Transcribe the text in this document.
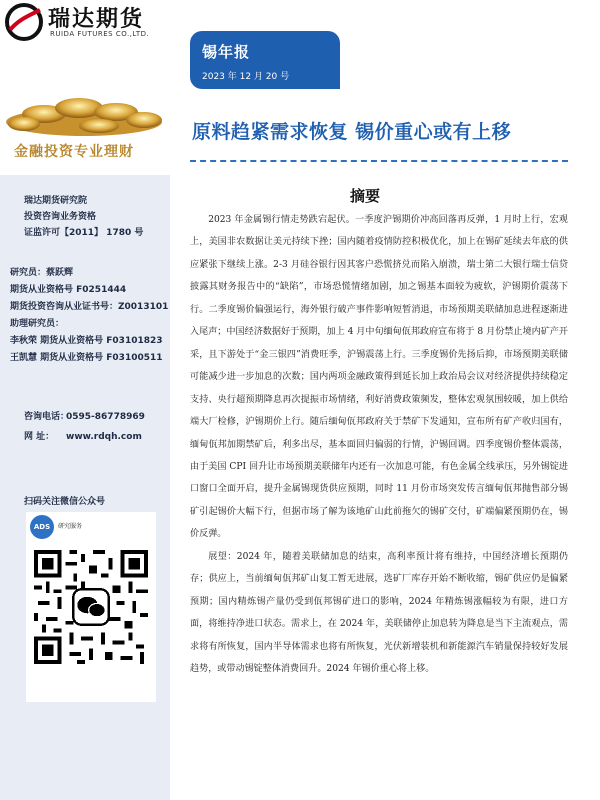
瑞达期货
RUIDA FUTURES CO.,LTD.
金融投资专业理财
锡年报
2023 年 12 月 20 号
原料趋紧需求恢复 锡价重心或有上移
瑞达期货研究院
投资咨询业务资格
证监许可【2011】 1780 号
研究员：蔡跃辉
期货从业资格号 F0251444
期货投资咨询从业证书号：Z0013101
助理研究员：
李秋荣 期货从业资格号 F03101823
王凯慧 期货从业资格号 F03100511
咨询电话：0595-86778969
网 址： www.rdqh.com
扫码关注微信公众号
ADS	研究服务
摘要

2023 年金属锡行情走势跌宕起伏。一季度沪锡期价冲高回落再反弹，1 月时上行，宏观上，美国非农数据让美元持续下挫；国内随着疫情防控积极优化，加上在锡矿延续去年底的供应紧张下继续上涨。2-3 月硅谷银行因其客户恐慌挤兑而陷入崩溃，瑞士第二大银行瑞士信贷披露其财务报告中的“缺陷”，市场恐慌情绪加剧，加之锡基本面较为疲软，沪锡期价震荡下行。二季度锡价偏强运行，海外银行破产事件影响短暂消退，市场预期美联储加息进程逐渐进入尾声；中国经济数据好于预期，加上 4 月中旬缅甸佤邦政府宣布将于 8 月份禁止境内矿产开采，且下游处于“金三银四”消费旺季，沪锡震荡上行。三季度锡价先扬后抑，市场预期美联储可能减少进一步加息的次数；国内两项金融政策得到延长加上政治局会议对经济提供持续稳定支持、央行超预期降息再次提振市场情绪，利好消费政策频发，整体宏观氛围较暖，加上供给端大厂检修，沪锡期价上行。随后缅甸佤邦政府关于禁矿下发通知，宣布所有矿产收归国有，缅甸佤邦加期禁矿后，利多出尽，基本面回归偏弱的行情，沪锡回调。四季度锡价整体震荡，由于美国 CPI 回升让市场预期美联储年内还有一次加息可能，有色金属全线承压，另外锡锭进口窗口全面开启，提升金属锡现货供应预期，同时 11 月份市场突发传言缅甸佤邦抛售部分锡矿引起锡价大幅下行，但据市场了解为该地矿山此前拖欠的锡矿交付，矿端偏紧预期仍在，锡价反弹。

展望：2024 年，随着美联储加息的结束，高利率预计将有维持，中国经济增长预期仍存；供应上，当前缅甸佤邦矿山复工暂无进展，选矿厂库存开始不断收缩，锡矿供应仍是偏紧预期；国内精炼锡产量仍受到佤邦锡矿进口的影响，2024 年精炼锡涨幅较为有限，进口方面，将维持净进口状态。需求上，在 2024 年，美联储停止加息转为降息是当下主流观点，需求将有所恢复，国内半导体需求也将有所恢复，光伏新增装机和新能源汽车销量保持较好发展趋势，或带动锡锭整体消费回升。2024 年锡价重心将上移。
